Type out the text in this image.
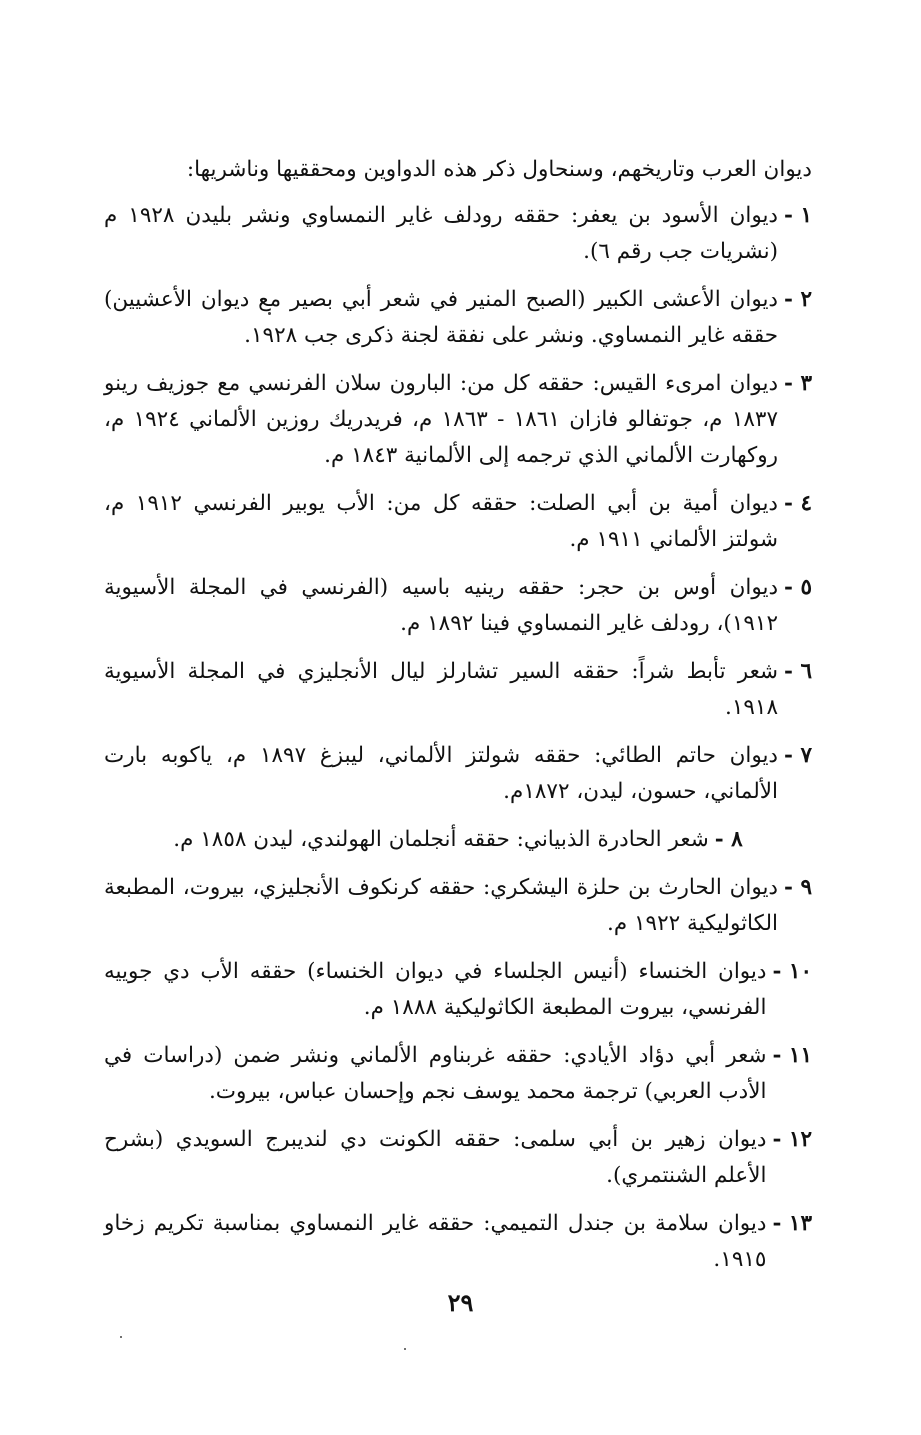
ديوان العرب وتاريخهم، وسنحاول ذكر هذه الدواوين ومحققيها وناشريها:

١ -
ديوان الأسود بن يعفر: حققه رودلف غاير النمساوي ونشر بليدن ١٩٢٨ م (نشريات جب رقم ٦).
٢ -
ديوان الأعشى الكبير (الصبح المنير في شعر أبي بصير مع ديوان الأعشيين) حققه غاير النمساوي. ونشر على نفقة لجنة ذكرى جب ١٩٢٨.
٣ -
ديوان امرىء القيس: حققه كل من: البارون سلان الفرنسي مع جوزيف رينو ١٨٣٧ م، جوتفالو فازان ١٨٦١ - ١٨٦٣ م، فريدريك روزين الألماني ١٩٢٤ م، روكهارت الألماني الذي ترجمه إلى الألمانية ١٨٤٣ م.
٤ -
ديوان أمية بن أبي الصلت: حققه كل من: الأب يوبير الفرنسي ١٩١٢ م، شولتز الألماني ١٩١١ م.
٥ -
ديوان أوس بن حجر: حققه رينيه باسيه (الفرنسي في المجلة الأسيوية ١٩١٢)، رودلف غاير النمساوي فينا ١٨٩٢ م.
٦ -
شعر تأبط شراً: حققه السير تشارلز ليال الأنجليزي في المجلة الأسيوية ١٩١٨.
٧ -
ديوان حاتم الطائي: حققه شولتز الألماني، ليبزغ ١٨٩٧ م، ياكوبه بارت الألماني، حسون، ليدن، ١٨٧٢م.
٨ -
شعر الحادرة الذبياني: حققه أنجلمان الهولندي، ليدن ١٨٥٨ م.
٩ -
ديوان الحارث بن حلزة اليشكري: حققه كرنكوف الأنجليزي، بيروت، المطبعة الكاثوليكية ١٩٢٢ م.
١٠ -
ديوان الخنساء (أنيس الجلساء في ديوان الخنساء) حققه الأب دي جوييه الفرنسي، بيروت المطبعة الكاثوليكية ١٨٨٨ م.
١١ -
شعر أبي دؤاد الأيادي: حققه غربناوم الألماني ونشر ضمن (دراسات في الأدب العربي) ترجمة محمد يوسف نجم وإحسان عباس، بيروت.
١٢ -
ديوان زهير بن أبي سلمى: حققه الكونت دي لنديبرج السويدي (بشرح الأعلم الشنتمري).
١٣ -
ديوان سلامة بن جندل التميمي: حققه غاير النمساوي بمناسبة تكريم زخاو ١٩١٥.
٢٩
